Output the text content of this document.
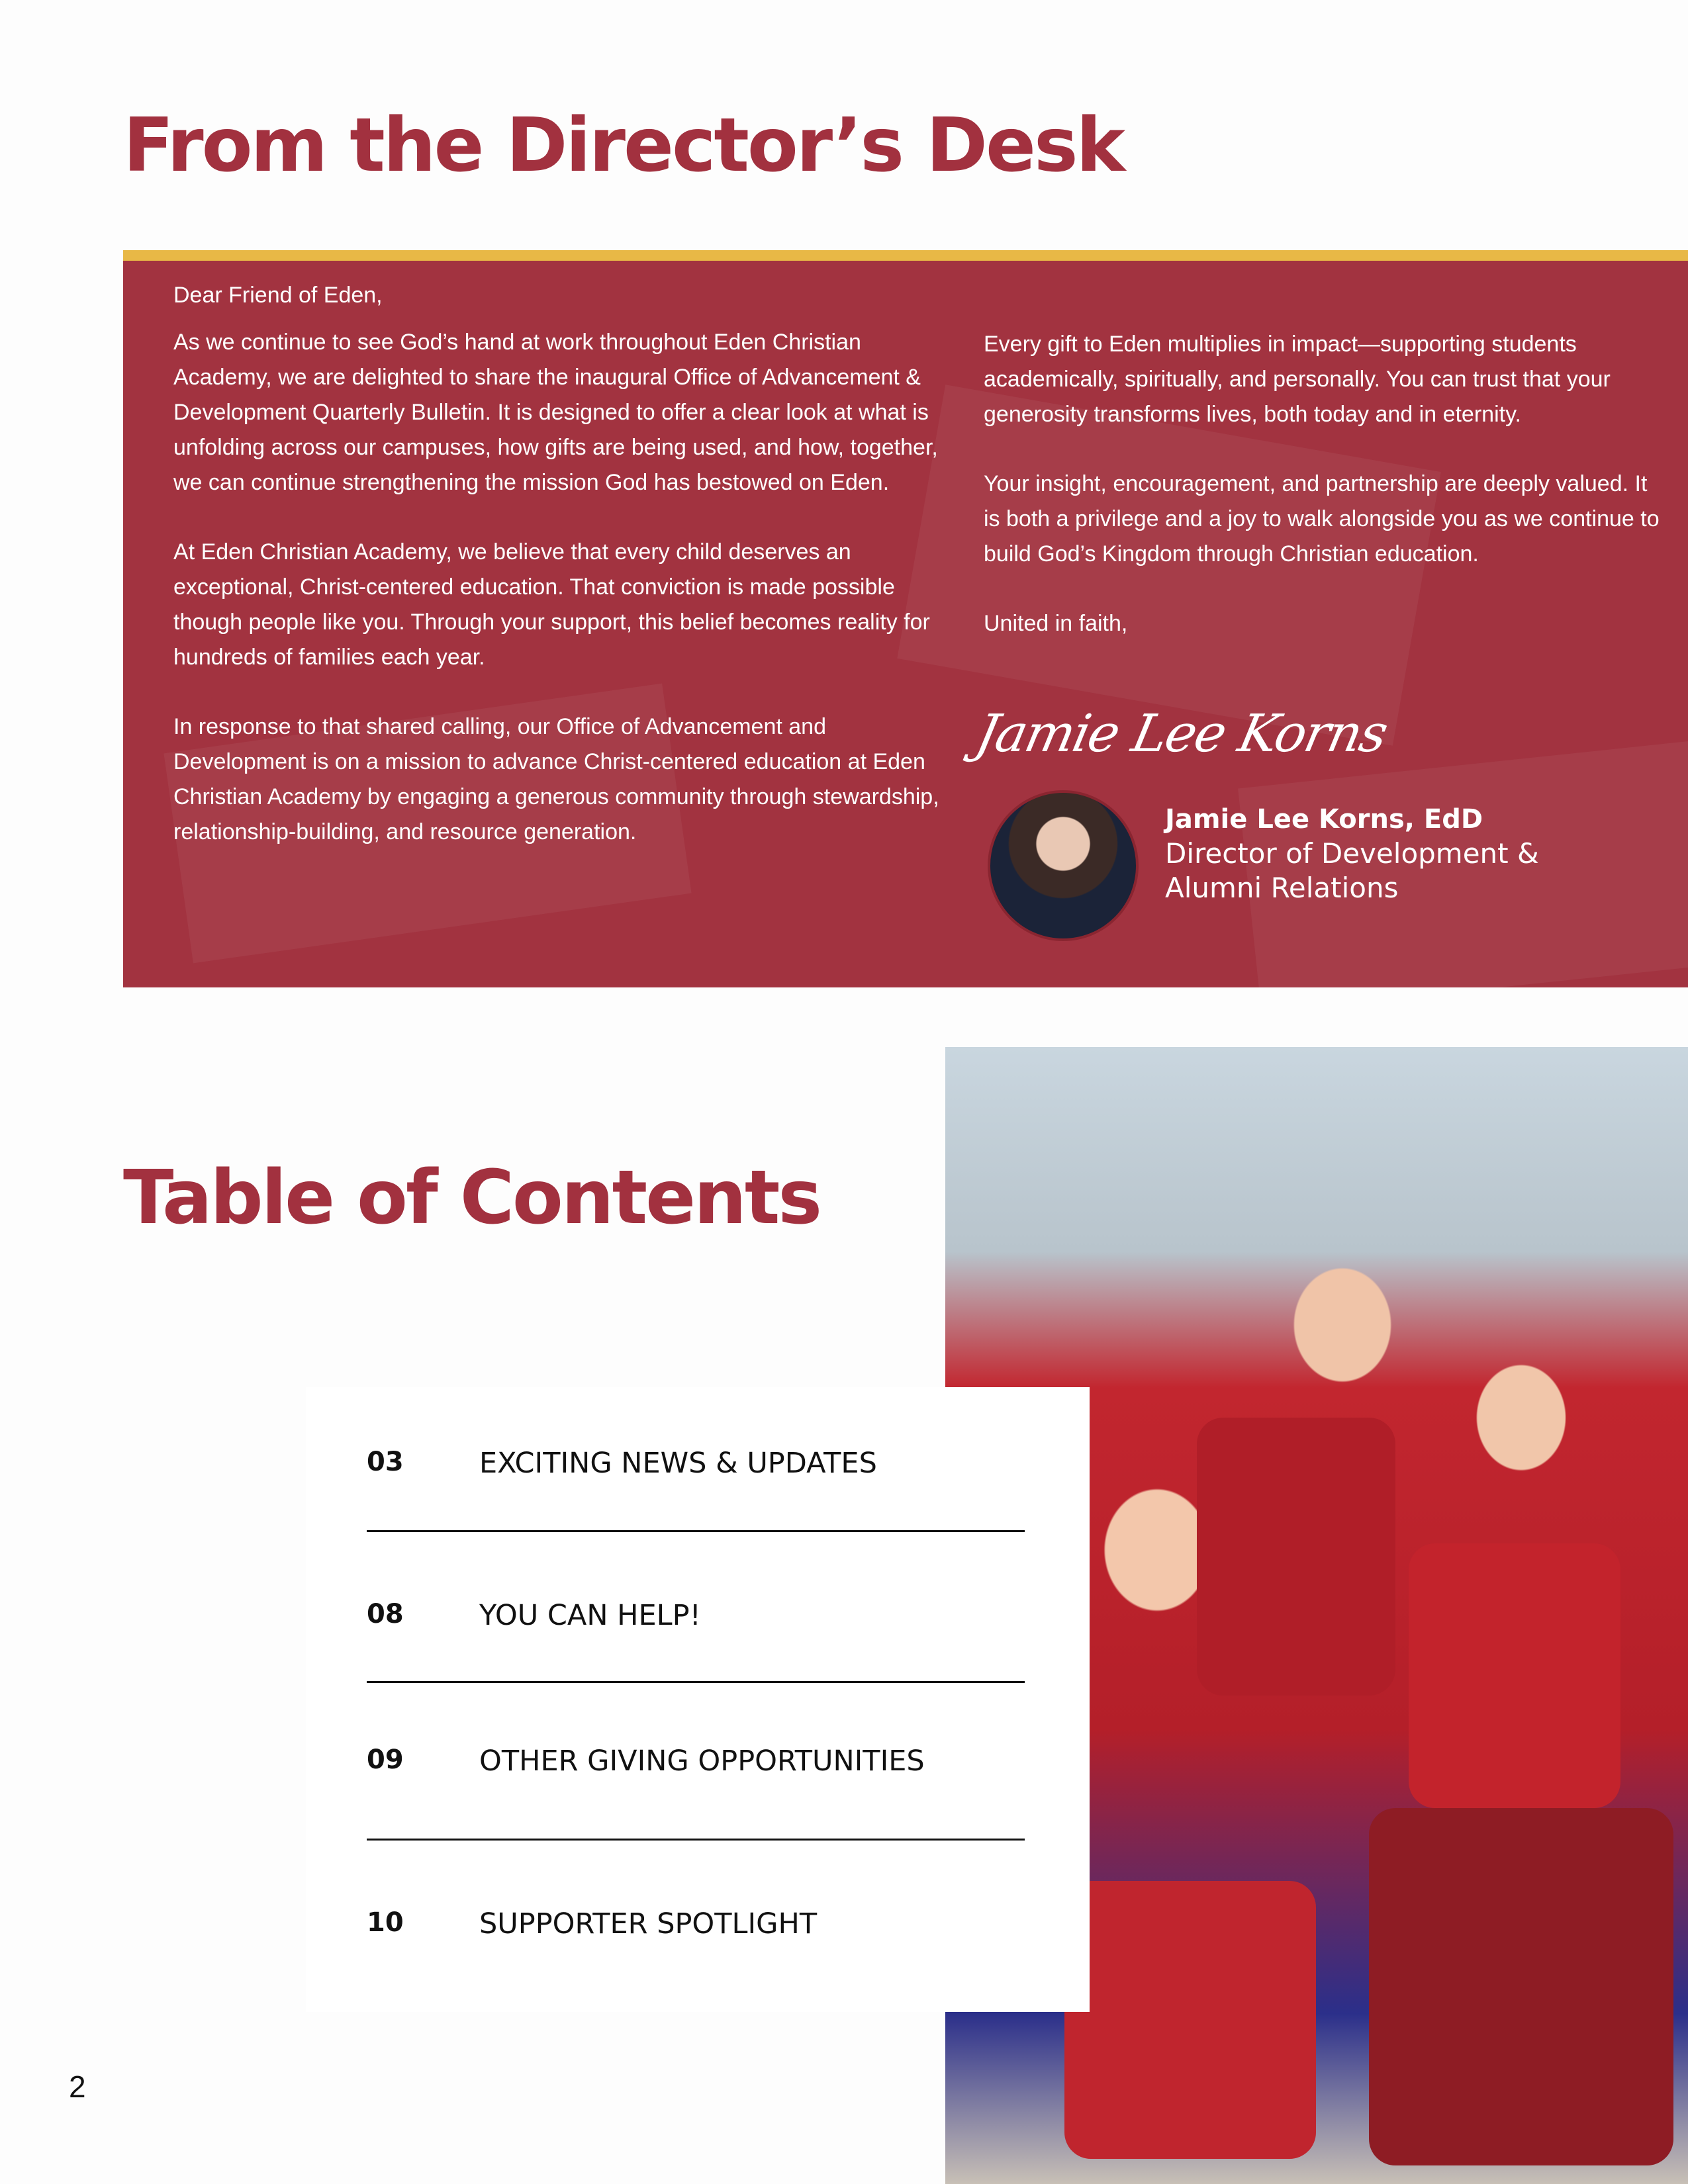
From the Director’s Desk

Dear Friend of Eden,

As we continue to see God’s hand at work throughout Eden Christian Academy, we are delighted to share the inaugural Office of Advancement & Development Quarterly Bulletin. It is designed to offer a clear look at what is unfolding across our campuses, how gifts are being used, and how, together, we can continue strengthening the mission God has bestowed on Eden.

At Eden Christian Academy, we believe that every child deserves an exceptional, Christ-centered education. That conviction is made possible though people like you. Through your support, this belief becomes reality for hundreds of families each year.

In response to that shared calling, our Office of Advancement and Development is on a mission to advance Christ-centered education at Eden Christian Academy by engaging a generous community through stewardship, relationship-building, and resource generation.

Every gift to Eden multiplies in impact—supporting students academically, spiritually, and personally. You can trust that your generosity transforms lives, both today and in eternity.

Your insight, encouragement, and partnership are deeply valued. It is both a privilege and a joy to walk alongside you as we continue to build God’s Kingdom through Christian education.

United in faith,

Jamie Lee Korns
Jamie Lee Korns, EdD
Director of Development & Alumni Relations
Table of Contents
03	EXCITING NEWS & UPDATES
08	YOU CAN HELP!
09	OTHER GIVING OPPORTUNITIES
10	SUPPORTER SPOTLIGHT
2
